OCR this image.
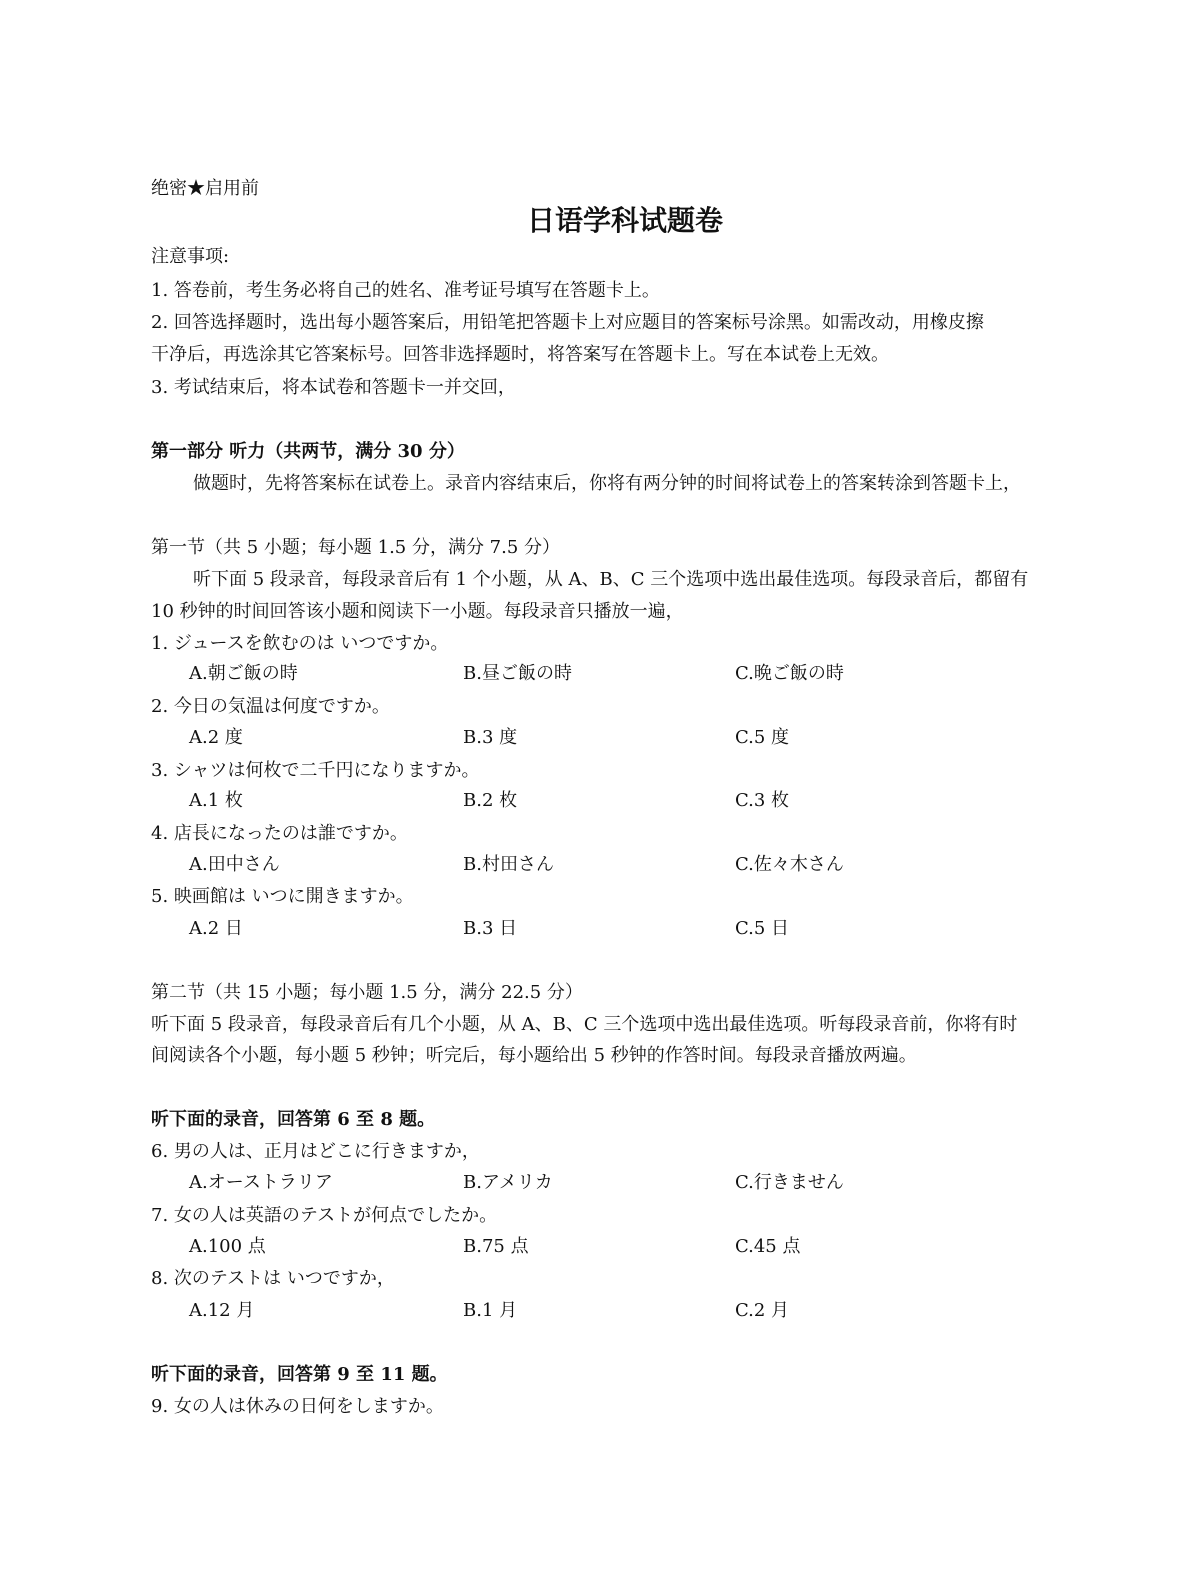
绝密★启用前
日语学科试题卷
注意事项:
1. 答卷前，考生务必将自己的姓名、准考证号填写在答题卡上。
2. 回答选择题时，选出每小题答案后，用铅笔把答题卡上对应题目的答案标号涂黑。如需改动，用橡皮擦
干净后，再选涂其它答案标号。回答非选择题时，将答案写在答题卡上。写在本试卷上无效。
3. 考试结束后，将本试卷和答题卡一并交回，
第一部分 听力（共两节，满分 30 分）
做题时，先将答案标在试卷上。录音内容结束后，你将有两分钟的时间将试卷上的答案转涂到答题卡上，
第一节（共 5 小题；每小题 1.5 分，满分 7.5 分）
听下面 5 段录音，每段录音后有 1 个小题，从 A、B、C 三个选项中选出最佳选项。每段录音后，都留有
10 秒钟的时间回答该小题和阅读下一小题。每段录音只播放一遍，
1. ジュースを飲むのは いつですか。
A.朝ご飯の時	B.昼ご飯の時	C.晩ご飯の時
2. 今日の気温は何度ですか。
A.2 度	B.3 度	C.5 度
3. シャツは何枚で二千円になりますか。
A.1 枚	B.2 枚	C.3 枚
4. 店長になったのは誰ですか。
A.田中さん	B.村田さん	C.佐々木さん
5. 映画館は いつに開きますか。
A.2 日	B.3 日	C.5 日
第二节（共 15 小题；每小题 1.5 分，满分 22.5 分）
听下面 5 段录音，每段录音后有几个小题，从 A、B、C 三个选项中选出最佳选项。听每段录音前，你将有时
间阅读各个小题，每小题 5 秒钟；听完后，每小题给出 5 秒钟的作答时间。每段录音播放两遍。
听下面的录音，回答第 6 至 8 题。
6. 男の人は、正月はどこに行きますか，
A.オーストラリア	B.アメリカ	C.行きません
7. 女の人は英語のテストが何点でしたか。
A.100 点	B.75 点	C.45 点
8. 次のテストは いつですか，
A.12 月	B.1 月	C.2 月
听下面的录音，回答第 9 至 11 题。
9. 女の人は休みの日何をしますか。
